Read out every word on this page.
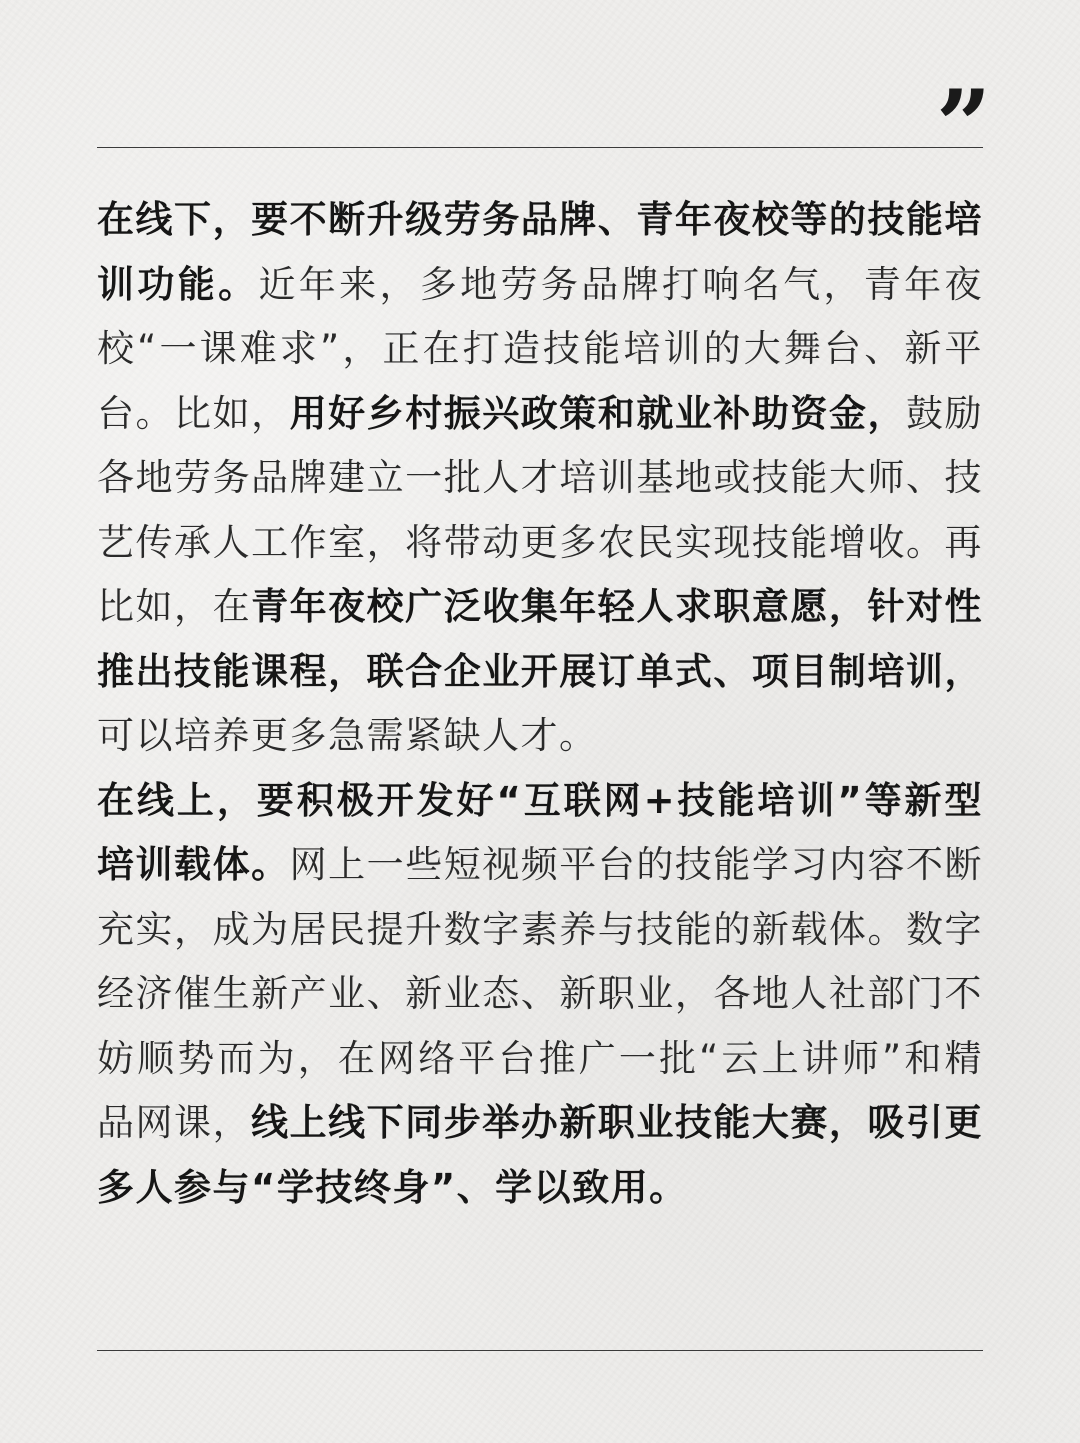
”

在线下，要不断升级劳务品牌、青年夜校等的技能培训功能。近年来，多地劳务品牌打响名气，青年夜校“一课难求”，正在打造技能培训的大舞台、新平台。比如，用好乡村振兴政策和就业补助资金，鼓励各地劳务品牌建立一批人才培训基地或技能大师、技艺传承人工作室，将带动更多农民实现技能增收。再比如，在青年夜校广泛收集年轻人求职意愿，针对性推出技能课程，联合企业开展订单式、项目制培训，可以培养更多急需紧缺人才。

在线上，要积极开发好“互联网+技能培训”等新型培训载体。网上一些短视频平台的技能学习内容不断充实，成为居民提升数字素养与技能的新载体。数字经济催生新产业、新业态、新职业，各地人社部门不妨顺势而为，在网络平台推广一批“云上讲师”和精品网课，线上线下同步举办新职业技能大赛，吸引更多人参与“学技终身”、学以致用。
